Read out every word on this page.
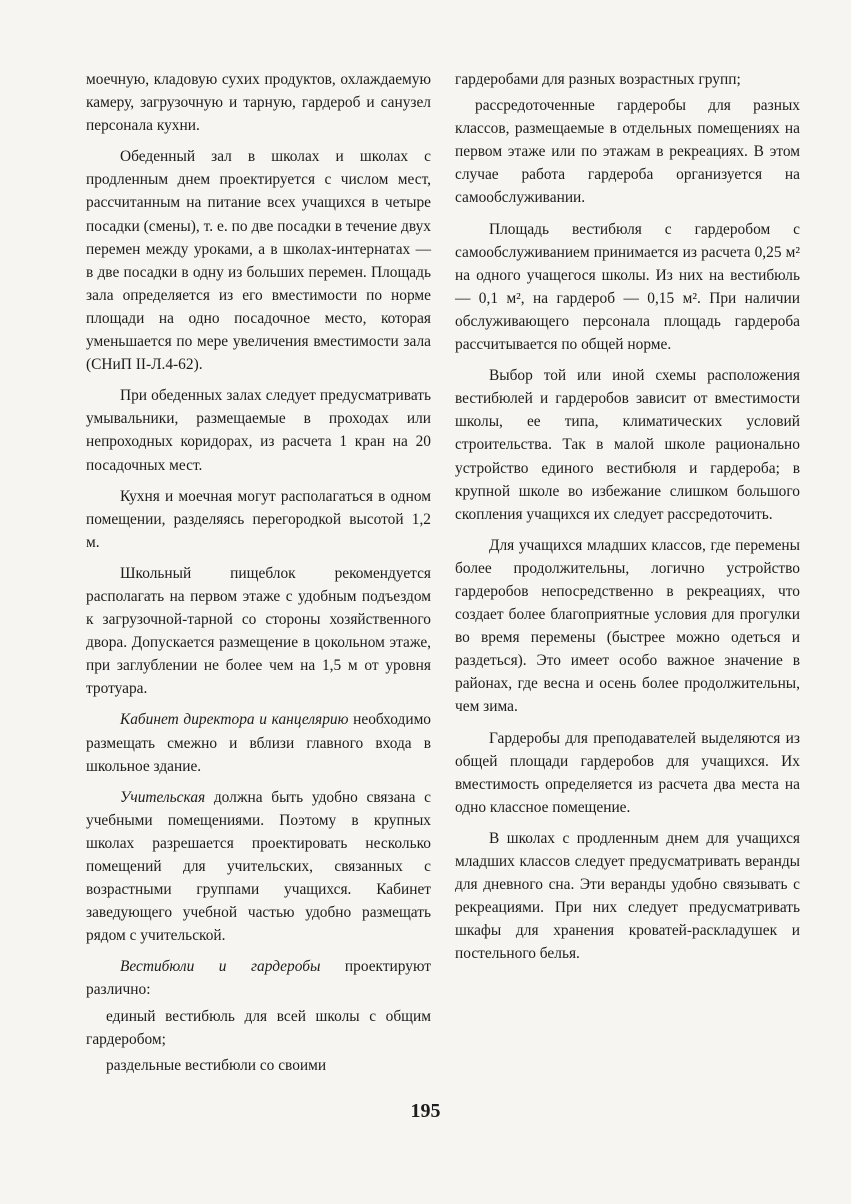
моечную, кладовую сухих продуктов, охлаждаемую камеру, загрузочную и тарную, гардероб и санузел персонала кухни.

Обеденный зал в школах и школах с продленным днем проектируется с числом мест, рассчитанным на питание всех учащихся в четыре посадки (смены), т. е. по две посадки в течение двух перемен между уроками, а в школах-интернатах — в две посадки в одну из больших перемен. Площадь зала определяется из его вместимости по норме площади на одно посадочное место, которая уменьшается по мере увеличения вместимости зала (СНиП II-Л.4-62).

При обеденных залах следует предусматривать умывальники, размещаемые в проходах или непроходных коридорах, из расчета 1 кран на 20 посадочных мест.

Кухня и моечная могут располагаться в одном помещении, разделяясь перегородкой высотой 1,2 м.

Школьный пищеблок рекомендуется располагать на первом этаже с удобным подъездом к загрузочной-тарной со стороны хозяйственного двора. Допускается размещение в цокольном этаже, при заглублении не более чем на 1,5 м от уровня тротуара.

Кабинет директора и канцелярию необходимо размещать смежно и вблизи главного входа в школьное здание.

Учительская должна быть удобно связана с учебными помещениями. Поэтому в крупных школах разрешается проектировать несколько помещений для учительских, связанных с возрастными группами учащихся. Кабинет заведующего учебной частью удобно размещать рядом с учительской.

Вестибюли и гардеробы проектируют различно:

единый вестибюль для всей школы с общим гардеробом;

раздельные вестибюли со своими

гардеробами для разных возрастных групп;

рассредоточенные гардеробы для разных классов, размещаемые в отдельных помещениях на первом этаже или по этажам в рекреациях. В этом случае работа гардероба организуется на самообслуживании.

Площадь вестибюля с гардеробом с самообслуживанием принимается из расчета 0,25 м² на одного учащегося школы. Из них на вестибюль — 0,1 м², на гардероб — 0,15 м². При наличии обслуживающего персонала площадь гардероба рассчитывается по общей норме.

Выбор той или иной схемы расположения вестибюлей и гардеробов зависит от вместимости школы, ее типа, климатических условий строительства. Так в малой школе рационально устройство единого вестибюля и гардероба; в крупной школе во избежание слишком большого скопления учащихся их следует рассредоточить.

Для учащихся младших классов, где перемены более продолжительны, логично устройство гардеробов непосредственно в рекреациях, что создает более благоприятные условия для прогулки во время перемены (быстрее можно одеться и раздеться). Это имеет особо важное значение в районах, где весна и осень более продолжительны, чем зима.

Гардеробы для преподавателей выделяются из общей площади гардеробов для учащихся. Их вместимость определяется из расчета два места на одно классное помещение.

В школах с продленным днем для учащихся младших классов следует предусматривать веранды для дневного сна. Эти веранды удобно связывать с рекреациями. При них следует предусматривать шкафы для хранения кроватей-раскладушек и постельного белья.

195
